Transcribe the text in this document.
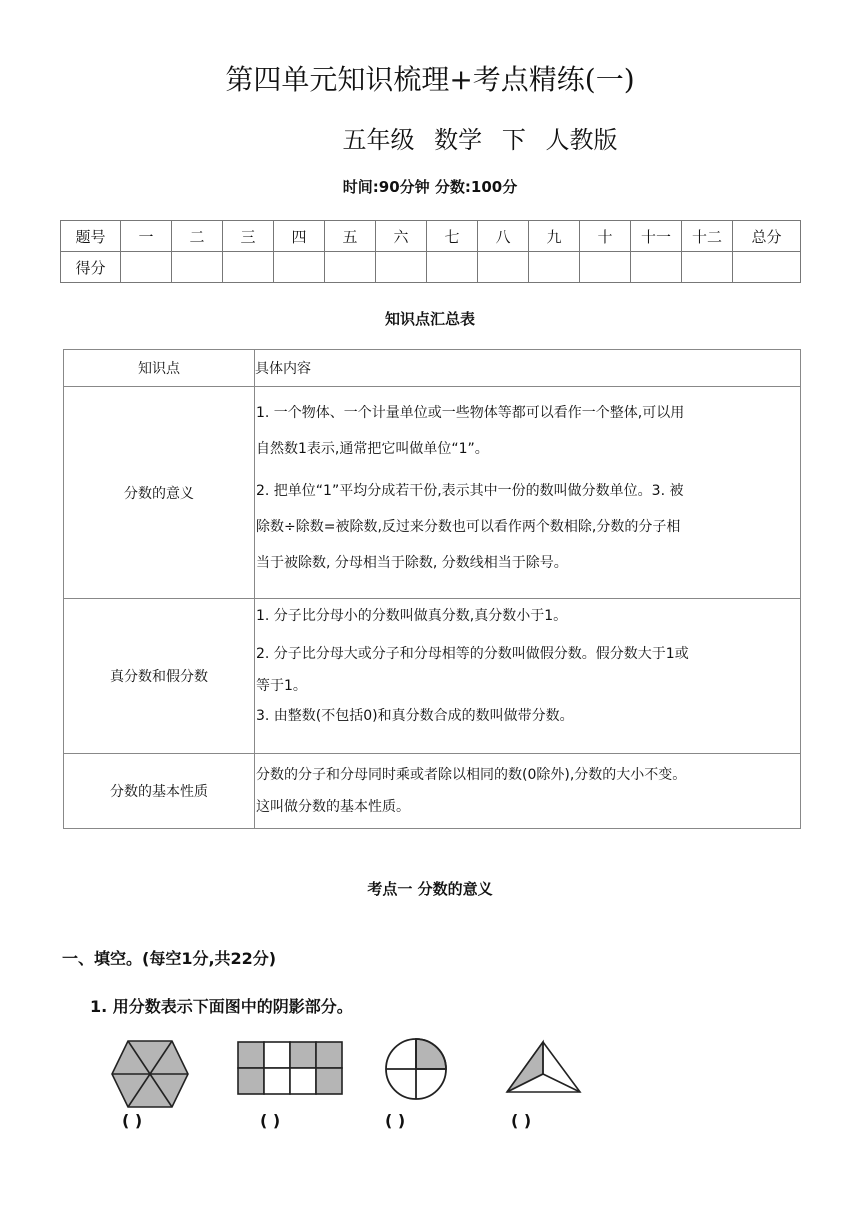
第四单元知识梳理+考点精练(一)
五年级 数学 下 人教版
时间:90分钟 分数:100分
题号	一	二	三	四	五	六	七	八	九	十	十一	十二	总分
得分													
知识点汇总表
知识点	具体内容
分数的意义	1. 一个物体、一个计量单位或一些物体等都可以看作一个整体,可以用

自然数1表示,通常把它叫做单位“1”。

2. 把单位“1”平均分成若干份,表示其中一份的数叫做分数单位。3. 被

除数÷除数=被除数,反过来分数也可以看作两个数相除,分数的分子相

当于被除数, 分母相当于除数, 分数线相当于除号。

真分数和假分数	1. 分子比分母小的分数叫做真分数,真分数小于1。

2. 分子比分母大或分子和分母相等的分数叫做假分数。假分数大于1或

等于1。

3. 由整数(不包括0)和真分数合成的数叫做带分数。

分数的基本性质	分数的分子和分母同时乘或者除以相同的数(0除外),分数的大小不变。

这叫做分数的基本性质。

考点一 分数的意义
一、填空。(每空1分,共22分)
1. 用分数表示下面图中的阴影部分。
( )	( )	( )	( )
